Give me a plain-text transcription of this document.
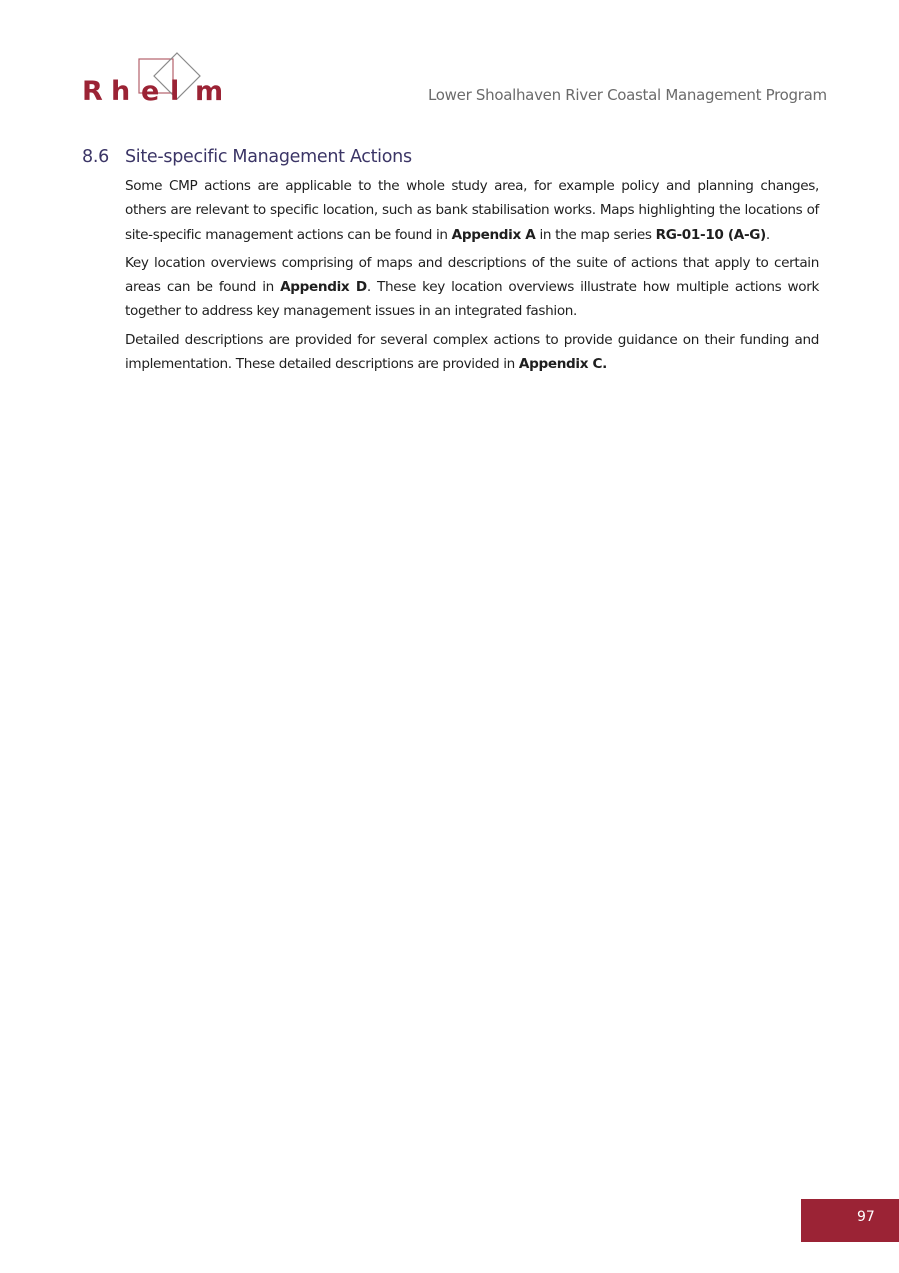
R h e l m	Lower Shoalhaven River Coastal Management Program
8.6 Site-specific Management Actions

Some CMP actions are applicable to the whole study area, for example policy and planning changes, others are relevant to specific location, such as bank stabilisation works. Maps highlighting the locations of site-specific management actions can be found in Appendix A in the map series RG-01-10 (A-G).

Key location overviews comprising of maps and descriptions of the suite of actions that apply to certain areas can be found in Appendix D. These key location overviews illustrate how multiple actions work together to address key management issues in an integrated fashion.

Detailed descriptions are provided for several complex actions to provide guidance on their funding and implementation. These detailed descriptions are provided in Appendix C.

97
